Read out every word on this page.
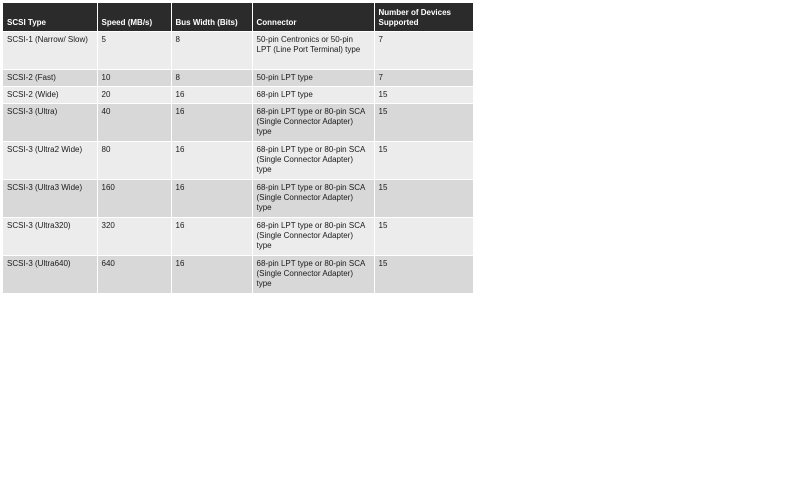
SCSI Type	Speed (MB/s)	Bus Width (Bits)	Connector	Number of Devices Supported
SCSI-1 (Narrow/ Slow)	5	8	50-pin Centronics or 50-pin LPT (Line Port Terminal) type	7
SCSI-2 (Fast)	10	8	50-pin LPT type	7
SCSI-2 (Wide)	20	16	68-pin LPT type	15
SCSI-3 (Ultra)	40	16	68-pin LPT type or 80-pin SCA (Single Connector Adapter) type	15
SCSI-3 (Ultra2 Wide)	80	16	68-pin LPT type or 80-pin SCA (Single Connector Adapter) type	15
SCSI-3 (Ultra3 Wide)	160	16	68-pin LPT type or 80-pin SCA (Single Connector Adapter) type	15
SCSI-3 (Ultra320)	320	16	68-pin LPT type or 80-pin SCA (Single Connector Adapter) type	15
SCSI-3 (Ultra640)	640	16	68-pin LPT type or 80-pin SCA (Single Connector Adapter) type	15
